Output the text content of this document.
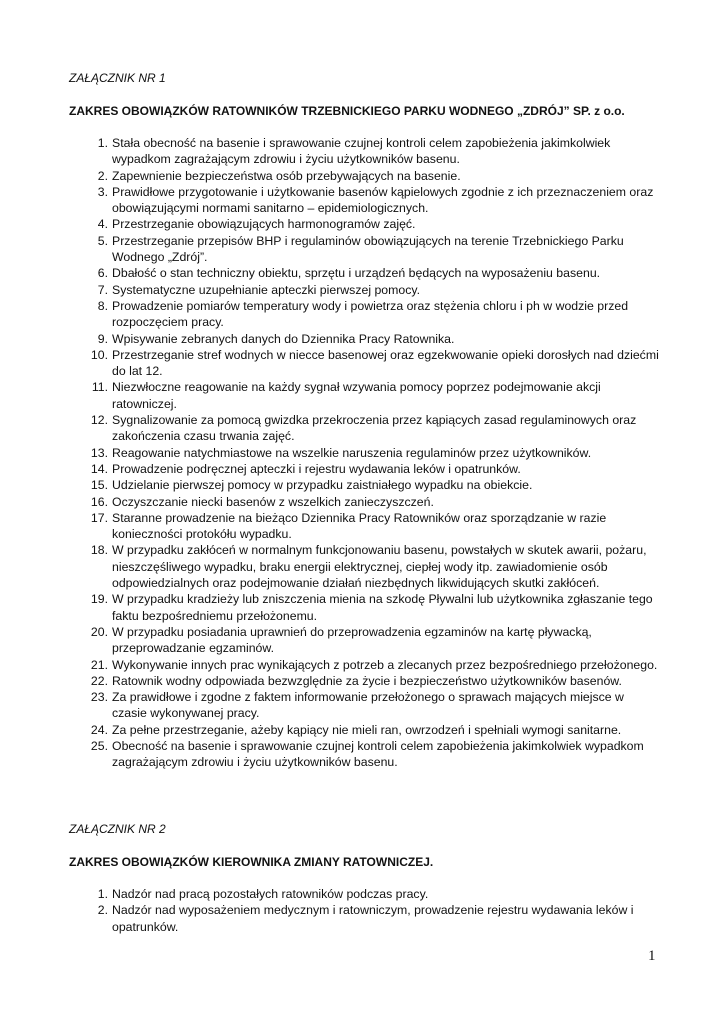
ZAŁĄCZNIK NR 1
ZAKRES OBOWIĄZKÓW RATOWNIKÓW TRZEBNICKIEGO PARKU WODNEGO „ZDRÓJ” SP. z o.o.
1. Stała obecność na basenie i sprawowanie czujnej kontroli celem zapobieżenia jakimkolwiek wypadkom zagrażającym zdrowiu i życiu użytkowników basenu.
2. Zapewnienie bezpieczeństwa osób przebywających na basenie.
3. Prawidłowe przygotowanie i użytkowanie basenów kąpielowych zgodnie z ich przeznaczeniem oraz obowiązującymi normami sanitarno – epidemiologicznych.
4. Przestrzeganie obowiązujących harmonogramów zajęć.
5. Przestrzeganie przepisów BHP i regulaminów obowiązujących na terenie Trzebnickiego Parku Wodnego „Zdrój”.
6. Dbałość o stan techniczny obiektu, sprzętu i urządzeń będących na wyposażeniu basenu.
7. Systematyczne uzupełnianie apteczki pierwszej pomocy.
8. Prowadzenie pomiarów temperatury wody i powietrza oraz stężenia chloru i ph w wodzie przed rozpoczęciem pracy.
9. Wpisywanie zebranych danych do Dziennika Pracy Ratownika.
10. Przestrzeganie stref wodnych w niecce basenowej oraz egzekwowanie opieki dorosłych nad dziećmi do lat 12.
11. Niezwłoczne reagowanie na każdy sygnał wzywania pomocy poprzez podejmowanie akcji ratowniczej.
12. Sygnalizowanie za pomocą gwizdka przekroczenia przez kąpiących zasad regulaminowych oraz zakończenia czasu trwania zajęć.
13. Reagowanie natychmiastowe na wszelkie naruszenia regulaminów przez użytkowników.
14. Prowadzenie podręcznej apteczki i rejestru wydawania leków i opatrunków.
15. Udzielanie pierwszej pomocy w przypadku zaistniałego wypadku na obiekcie.
16. Oczyszczanie niecki basenów z wszelkich zanieczyszczeń.
17. Staranne prowadzenie na bieżąco Dziennika Pracy Ratowników oraz sporządzanie w razie konieczności protokółu wypadku.
18. W przypadku zakłóceń w normalnym funkcjonowaniu basenu, powstałych w skutek awarii, pożaru, nieszczęśliwego wypadku, braku energii elektrycznej, ciepłej wody itp. zawiadomienie osób odpowiedzialnych oraz podejmowanie działań niezbędnych likwidujących skutki zakłóceń.
19. W przypadku kradzieży lub zniszczenia mienia na szkodę Pływalni lub użytkownika zgłaszanie tego faktu bezpośredniemu przełożonemu.
20. W przypadku posiadania uprawnień do przeprowadzenia egzaminów na kartę pływacką, przeprowadzanie egzaminów.
21. Wykonywanie innych prac wynikających z potrzeb a zlecanych przez bezpośredniego przełożonego.
22. Ratownik wodny odpowiada bezwzględnie za życie i bezpieczeństwo użytkowników basenów.
23. Za prawidłowe i zgodne z faktem informowanie przełożonego o sprawach mających miejsce w czasie wykonywanej pracy.
24. Za pełne przestrzeganie, ażeby kąpiący nie mieli ran, owrzodzeń i spełniali wymogi sanitarne.
25. Obecność na basenie i sprawowanie czujnej kontroli celem zapobieżenia jakimkolwiek wypadkom zagrażającym zdrowiu i życiu użytkowników basenu.
ZAŁĄCZNIK NR 2
ZAKRES OBOWIĄZKÓW KIEROWNIKA ZMIANY RATOWNICZEJ.
1. Nadzór nad pracą pozostałych ratowników podczas pracy.
2. Nadzór nad wyposażeniem medycznym i ratowniczym, prowadzenie rejestru wydawania leków i opatrunków.
1
